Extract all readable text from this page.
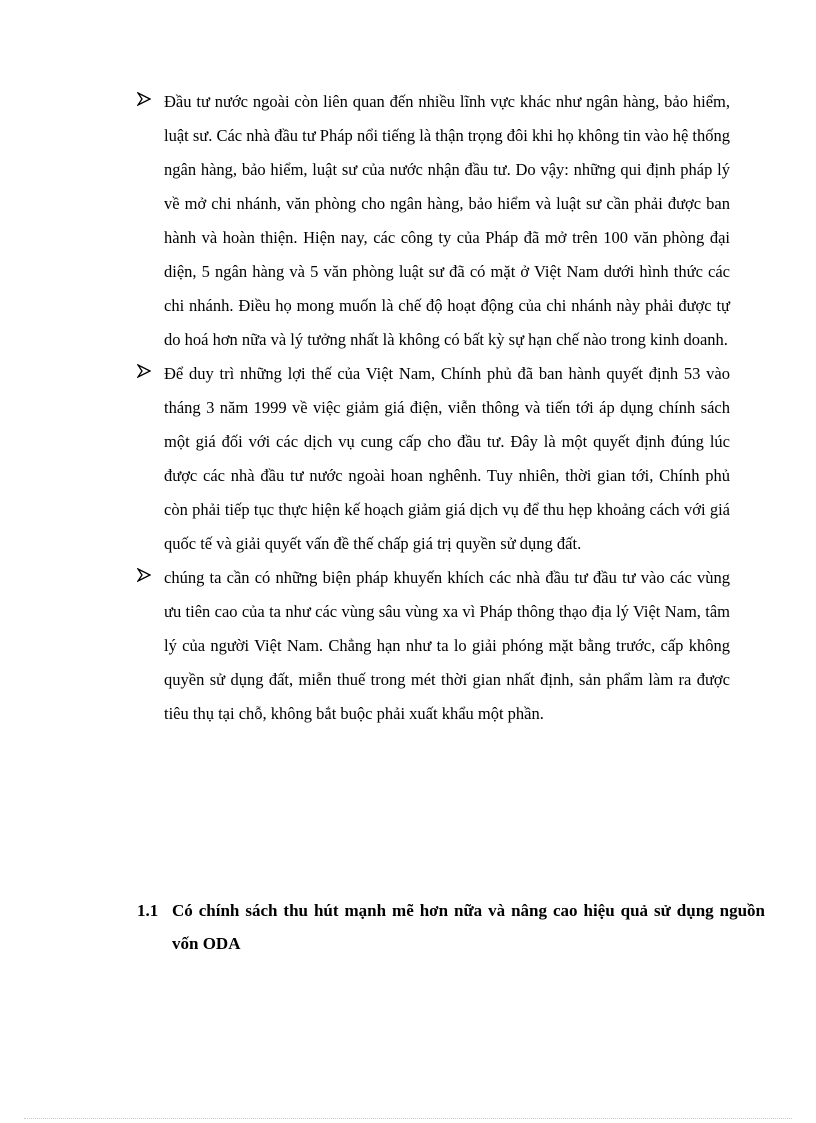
Đầu tư nước ngoài còn liên quan đến nhiều lĩnh vực khác như ngân hàng, bảo hiểm, luật sư. Các nhà đầu tư Pháp nổi tiếng là thận trọng đôi khi họ không tin vào hệ thống ngân hàng, bảo hiểm, luật sư của nước nhận đầu tư. Do vậy: những qui định pháp lý về mở chi nhánh, văn phòng cho ngân hàng, bảo hiểm và luật sư cần phải được ban hành và hoàn thiện. Hiện nay, các công ty của Pháp đã mở trên 100 văn phòng đại diện, 5 ngân hàng và 5 văn phòng luật sư đã có mặt ở Việt Nam dưới hình thức các chi nhánh. Điều họ mong muốn là chế độ hoạt động của chi nhánh này phải được tự do hoá hơn nữa và lý tưởng nhất là không có bất kỳ sự hạn chế nào trong kinh doanh.

Để duy trì những lợi thế của Việt Nam, Chính phủ đã ban hành quyết định 53 vào tháng 3 năm 1999 về việc giảm giá điện, viễn thông và tiến tới áp dụng chính sách một giá đối với các dịch vụ cung cấp cho đầu tư. Đây là một quyết định đúng lúc được các nhà đầu tư nước ngoài hoan nghênh. Tuy nhiên, thời gian tới, Chính phủ còn phải tiếp tục thực hiện kế hoạch giảm giá dịch vụ để thu hẹp khoảng cách với giá quốc tế và giải quyết vấn đề thế chấp giá trị quyền sử dụng đất.

chúng ta cần có những biện pháp khuyến khích các nhà đầu tư đầu tư vào các vùng ưu tiên cao của ta như các vùng sâu vùng xa vì Pháp thông thạo địa lý Việt Nam, tâm lý của người Việt Nam. Chẳng hạn như ta lo giải phóng mặt bằng trước, cấp không quyền sử dụng đất, miễn thuế trong mét thời gian nhất định, sản phẩm làm ra được tiêu thụ tại chỗ, không bắt buộc phải xuất khẩu một phần.

1.1 Có chính sách thu hút mạnh mẽ hơn nữa và nâng cao hiệu quả sử dụng nguồn vốn ODA
